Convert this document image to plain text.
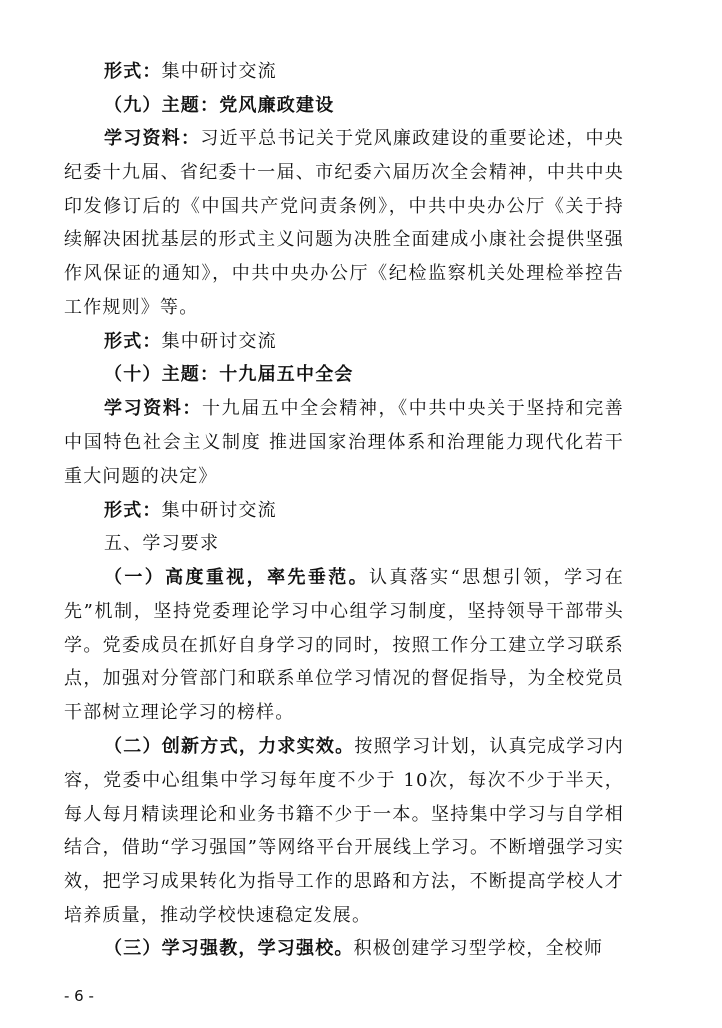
形式：集中研讨交流
（九）主题：党风廉政建设
学习资料：习近平总书记关于党风廉政建设的重要论述，中央纪委十九届、省纪委十一届、市纪委六届历次全会精神，中共中央印发修订后的《中国共产党问责条例》，中共中央办公厅《关于持续解决困扰基层的形式主义问题为决胜全面建成小康社会提供坚强作风保证的通知》，中共中央办公厅《纪检监察机关处理检举控告工作规则》等。
形式：集中研讨交流
（十）主题：十九届五中全会
学习资料：十九届五中全会精神，《中共中央关于坚持和完善中国特色社会主义制度 推进国家治理体系和治理能力现代化若干重大问题的决定》
形式：集中研讨交流
五、学习要求
（一）高度重视，率先垂范。认真落实“思想引领，学习在先”机制，坚持党委理论学习中心组学习制度，坚持领导干部带头学。党委成员在抓好自身学习的同时，按照工作分工建立学习联系点，加强对分管部门和联系单位学习情况的督促指导，为全校党员干部树立理论学习的榜样。
（二）创新方式，力求实效。按照学习计划，认真完成学习内容，党委中心组集中学习每年度不少于 10次，每次不少于半天，每人每月精读理论和业务书籍不少于一本。坚持集中学习与自学相结合，借助“学习强国”等网络平台开展线上学习。不断增强学习实效，把学习成果转化为指导工作的思路和方法，不断提高学校人才培养质量，推动学校快速稳定发展。
（三）学习强教，学习强校。积极创建学习型学校，全校师
- 6 -
